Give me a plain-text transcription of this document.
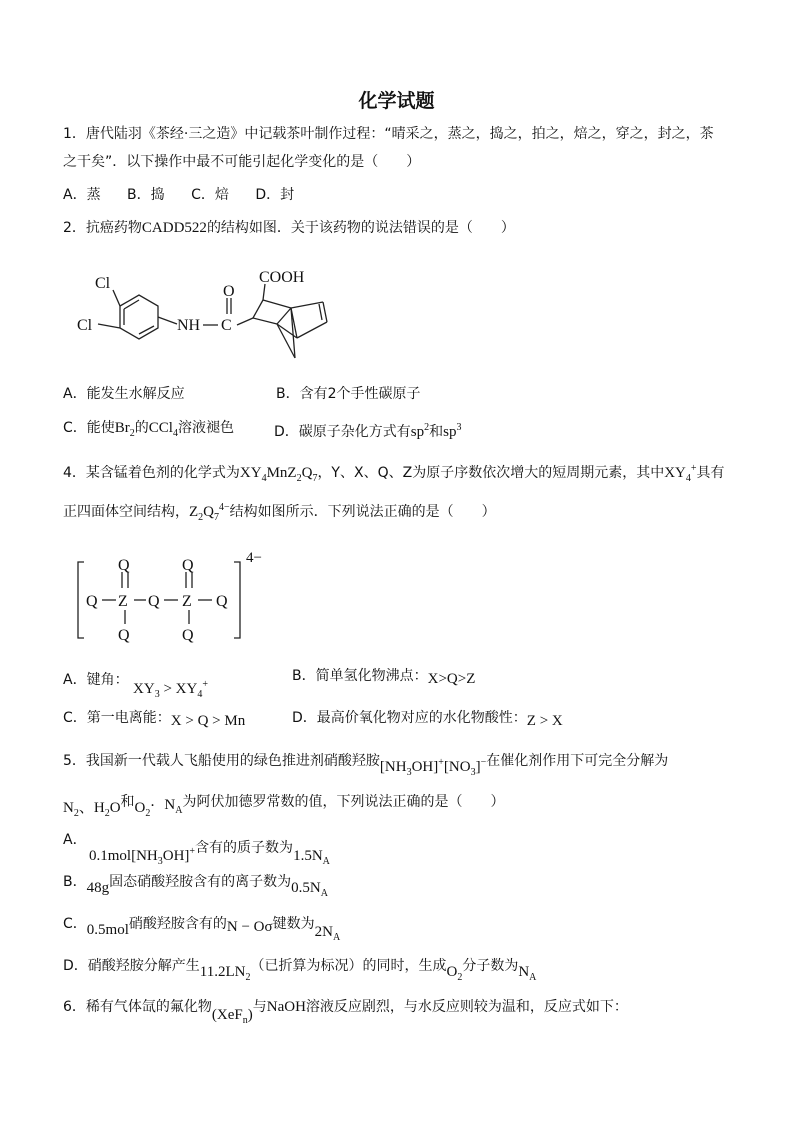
化学试题
1．唐代陆羽《茶经·三之造》中记载茶叶制作过程：“晴采之，蒸之，捣之，拍之，焙之，穿之，封之，茶
之干矣”．以下操作中最不可能引起化学变化的是（　　）
A．蒸 B．捣 C．焙 D．封
2．抗癌药物CADD522的结构如图．关于该药物的说法错误的是（　　）
Cl
Cl	NH
O
C
COOH
A．能发生水解反应	B．含有2个手性碳原子
C．能使$Br_2$的CCl$_4$溶液褪色	D．碳原子杂化方式有$sp^2$和$sp^3$
4．某含锰着色剂的化学式为$XY_4MnZ_2Q_7$，Y、X、Q、Z为原子序数依次增大的短周期元素，其中$XY_4^+$具有
正四面体空间结构，$Z_2Q_7^{4-}$结构如图所示．下列说法正确的是（　　）
Q	Q
Q Z Q Z Q
Q	Q
4−
A．键角： $XY_3 > XY_4^+$
B．简单氢化物沸点：X>Q>Z
C．第一电离能：X > Q > Mn	D．最高价氧化物对应的水化物酸性：Z > X
5．我国新一代载人飞船使用的绿色推进剂硝酸羟胺$[NH_3OH]^+[NO_3]^-$在催化剂作用下可完全分解为
$N_2$、$H_2O$和$O_2$．$N_A$为阿伏加德罗常数的值，下列说法正确的是（　　）
A．
$0.1mol[NH_3OH]^+$含有的质子数为$1.5N_A$
B．48g固态硝酸羟胺含有的离子数为$0.5N_A$
C．0.5mol硝酸羟胺含有的N − Oσ键数为$2N_A$
D．硝酸羟胺分解产生$11.2LN_2$（已折算为标况）的同时，生成$O_2$分子数为$N_A$
6．稀有气体氙的氟化物(XeF$_n$)与NaOH溶液反应剧烈，与水反应则较为温和，反应式如下：
